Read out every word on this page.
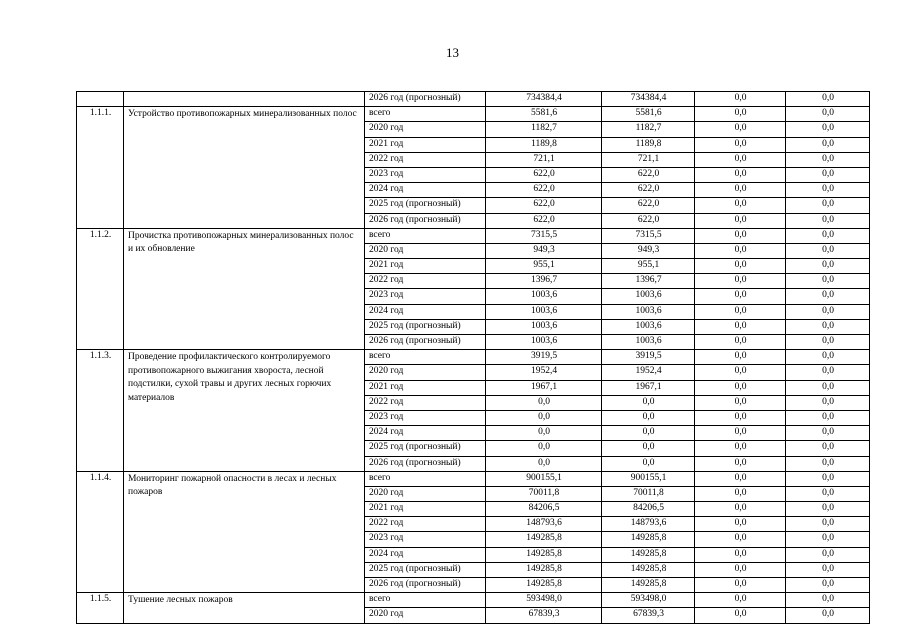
13
		2026 год (прогнозный)	734384,4	734384,4	0,0	0,0
1.1.1.	Устройство противопожарных минерализованных полос	всего	5581,6	5581,6	0,0	0,0
		2020 год	1182,7	1182,7	0,0	0,0
		2021 год	1189,8	1189,8	0,0	0,0
		2022 год	721,1	721,1	0,0	0,0
		2023 год	622,0	622,0	0,0	0,0
		2024 год	622,0	622,0	0,0	0,0
		2025 год (прогнозный)	622,0	622,0	0,0	0,0
		2026 год (прогнозный)	622,0	622,0	0,0	0,0
1.1.2.	Прочистка противопожарных минерализованных полос и их обновление	всего	7315,5	7315,5	0,0	0,0
		2020 год	949,3	949,3	0,0	0,0
		2021 год	955,1	955,1	0,0	0,0
		2022 год	1396,7	1396,7	0,0	0,0
		2023 год	1003,6	1003,6	0,0	0,0
		2024 год	1003,6	1003,6	0,0	0,0
		2025 год (прогнозный)	1003,6	1003,6	0,0	0,0
		2026 год (прогнозный)	1003,6	1003,6	0,0	0,0
1.1.3.	Проведение профилактического контролируемого противопожарного выжигания хвороста, лесной подстилки, сухой травы и других лесных горючих материалов	всего	3919,5	3919,5	0,0	0,0
		2020 год	1952,4	1952,4	0,0	0,0
		2021 год	1967,1	1967,1	0,0	0,0
		2022 год	0,0	0,0	0,0	0,0
		2023 год	0,0	0,0	0,0	0,0
		2024 год	0,0	0,0	0,0	0,0
		2025 год (прогнозный)	0,0	0,0	0,0	0,0
		2026 год (прогнозный)	0,0	0,0	0,0	0,0
1.1.4.	Мониторинг пожарной опасности в лесах и лесных пожаров	всего	900155,1	900155,1	0,0	0,0
		2020 год	70011,8	70011,8	0,0	0,0
		2021 год	84206,5	84206,5	0,0	0,0
		2022 год	148793,6	148793,6	0,0	0,0
		2023 год	149285,8	149285,8	0,0	0,0
		2024 год	149285,8	149285,8	0,0	0,0
		2025 год (прогнозный)	149285,8	149285,8	0,0	0,0
		2026 год (прогнозный)	149285,8	149285,8	0,0	0,0
1.1.5.	Тушение лесных пожаров	всего	593498,0	593498,0	0,0	0,0
		2020 год	67839,3	67839,3	0,0	0,0
